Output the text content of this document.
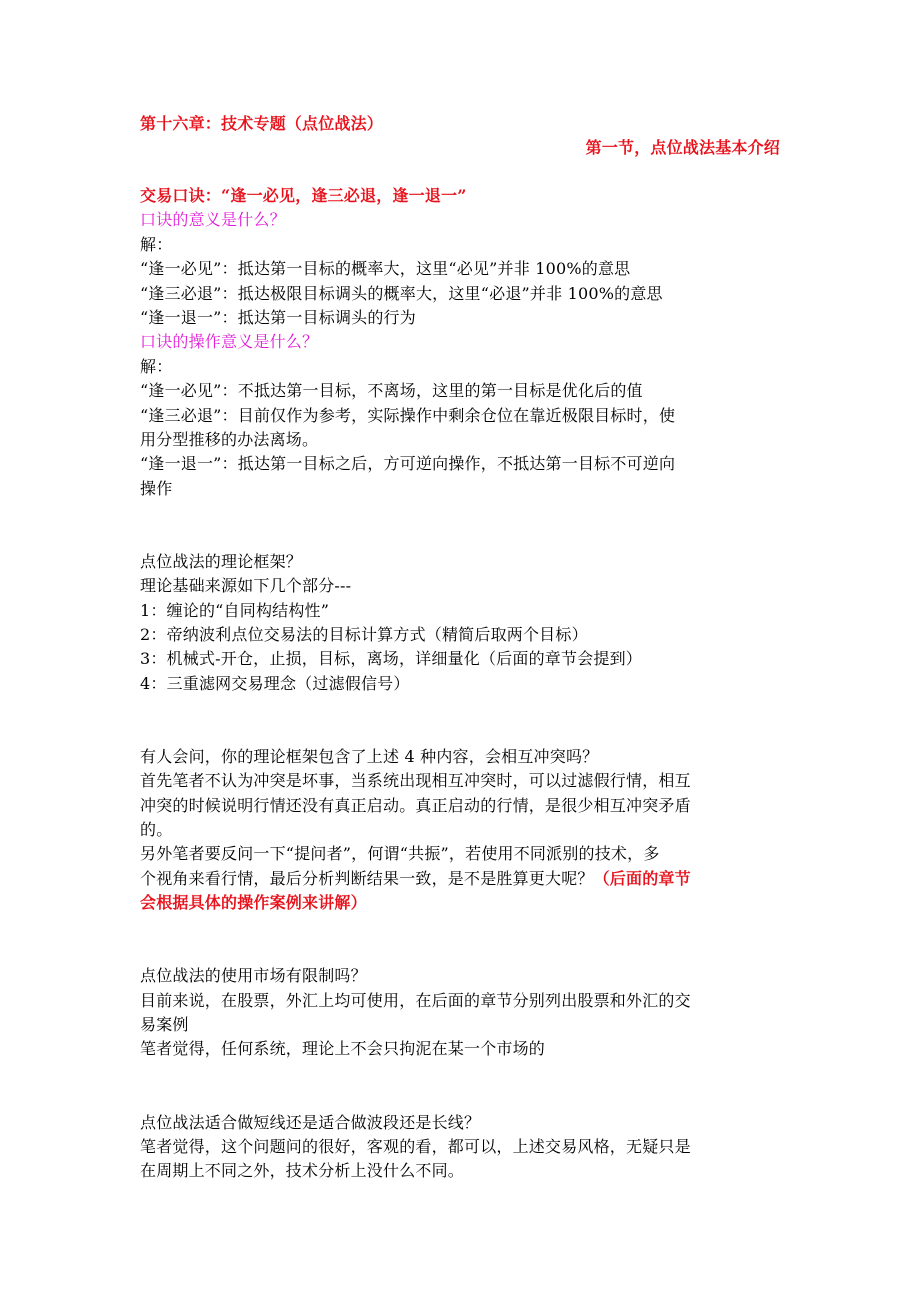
第十六章：技术专题（点位战法）
第一节，点位战法基本介绍
交易口诀：“逢一必见，逢三必退，逢一退一”
口诀的意义是什么？
解：
“逢一必见”：抵达第一目标的概率大，这里“必见”并非 100%的意思
“逢三必退”：抵达极限目标调头的概率大，这里“必退”并非 100%的意思
“逢一退一”：抵达第一目标调头的行为
口诀的操作意义是什么？
解：
“逢一必见”：不抵达第一目标，不离场，这里的第一目标是优化后的值
“逢三必退”：目前仅作为参考，实际操作中剩余仓位在靠近极限目标时，使
用分型推移的办法离场。
“逢一退一”：抵达第一目标之后，方可逆向操作，不抵达第一目标不可逆向
操作
点位战法的理论框架？
理论基础来源如下几个部分---
1：缠论的“自同构结构性”
2：帝纳波利点位交易法的目标计算方式（精简后取两个目标）
3：机械式-开仓，止损，目标，离场，详细量化（后面的章节会提到）
4：三重滤网交易理念（过滤假信号）
有人会问，你的理论框架包含了上述 4 种内容，会相互冲突吗？
首先笔者不认为冲突是坏事，当系统出现相互冲突时，可以过滤假行情，相互
冲突的时候说明行情还没有真正启动。真正启动的行情，是很少相互冲突矛盾
的。
另外笔者要反问一下“提问者”，何谓“共振”，若使用不同派别的技术，多
个视角来看行情，最后分析判断结果一致，是不是胜算更大呢？（后面的章节
会根据具体的操作案例来讲解）
点位战法的使用市场有限制吗？
目前来说，在股票，外汇上均可使用，在后面的章节分别列出股票和外汇的交
易案例
笔者觉得，任何系统，理论上不会只拘泥在某一个市场的
点位战法适合做短线还是适合做波段还是长线？
笔者觉得，这个问题问的很好，客观的看，都可以，上述交易风格，无疑只是
在周期上不同之外，技术分析上没什么不同。
